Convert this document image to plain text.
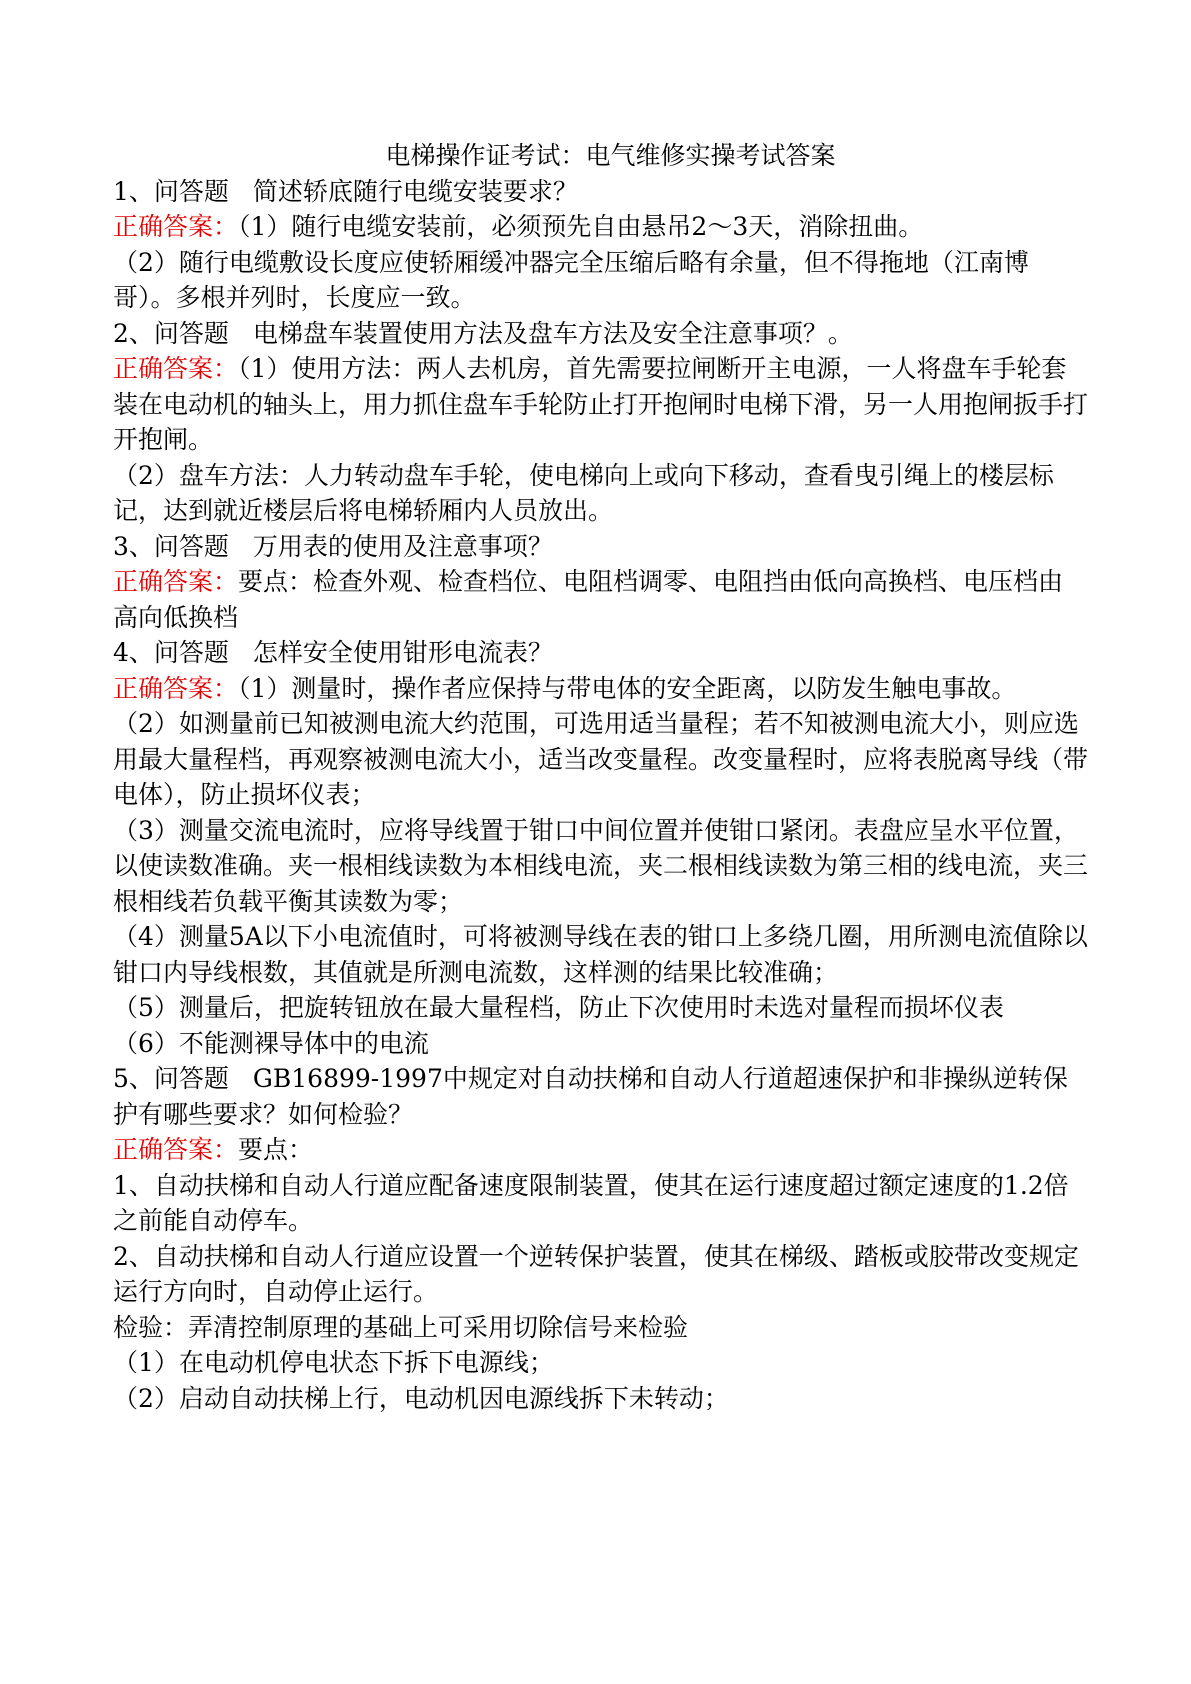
电梯操作证考试：电气维修实操考试答案
1、问答题 简述轿底随行电缆安装要求？
正确答案：（1）随行电缆安装前，必须预先自由悬吊2～3天，消除扭曲。
（2）随行电缆敷设长度应使轿厢缓冲器完全压缩后略有余量，但不得拖地（江南博哥）。多根并列时，长度应一致。
2、问答题 电梯盘车装置使用方法及盘车方法及安全注意事项？。
正确答案：（1）使用方法：两人去机房，首先需要拉闸断开主电源，一人将盘车手轮套装在电动机的轴头上，用力抓住盘车手轮防止打开抱闸时电梯下滑，另一人用抱闸扳手打开抱闸。
（2）盘车方法：人力转动盘车手轮，使电梯向上或向下移动，查看曳引绳上的楼层标记，达到就近楼层后将电梯轿厢内人员放出。
3、问答题 万用表的使用及注意事项？
正确答案：要点：检查外观、检查档位、电阻档调零、电阻挡由低向高换档、电压档由高向低换档
4、问答题 怎样安全使用钳形电流表？
正确答案：（1）测量时，操作者应保持与带电体的安全距离，以防发生触电事故。
（2）如测量前已知被测电流大约范围，可选用适当量程；若不知被测电流大小，则应选用最大量程档，再观察被测电流大小，适当改变量程。改变量程时，应将表脱离导线（带电体），防止损坏仪表；
（3）测量交流电流时，应将导线置于钳口中间位置并使钳口紧闭。表盘应呈水平位置，以使读数准确。夹一根相线读数为本相线电流，夹二根相线读数为第三相的线电流，夹三根相线若负载平衡其读数为零；
（4）测量5A以下小电流值时，可将被测导线在表的钳口上多绕几圈，用所测电流值除以钳口内导线根数，其值就是所测电流数，这样测的结果比较准确；
（5）测量后，把旋转钮放在最大量程档，防止下次使用时未选对量程而损坏仪表
（6）不能测裸导体中的电流
5、问答题 GB16899-1997中规定对自动扶梯和自动人行道超速保护和非操纵逆转保护有哪些要求？如何检验？
正确答案：要点：
1、自动扶梯和自动人行道应配备速度限制装置，使其在运行速度超过额定速度的1.2倍之前能自动停车。
2、自动扶梯和自动人行道应设置一个逆转保护装置，使其在梯级、踏板或胶带改变规定运行方向时，自动停止运行。
检验：弄清控制原理的基础上可采用切除信号来检验
（1）在电动机停电状态下拆下电源线；
（2）启动自动扶梯上行，电动机因电源线拆下未转动；
